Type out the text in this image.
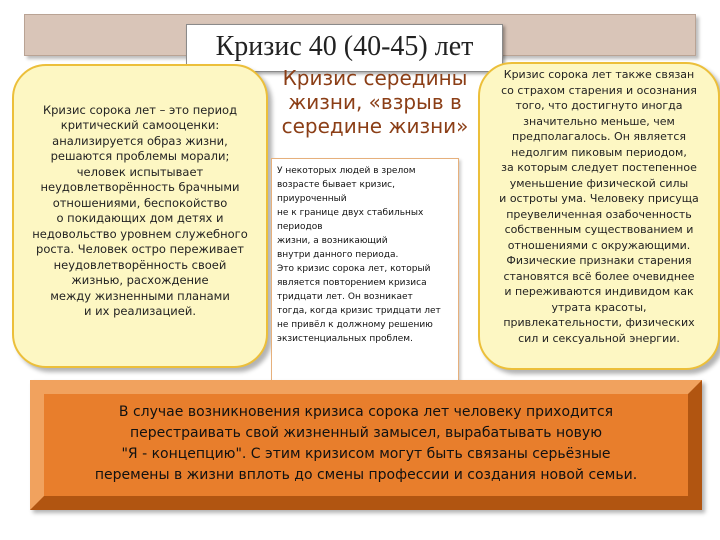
Кризис 40 (40-45) лет
Кризис сорока лет – это период
критический самооценки:
анализируется образ жизни,
решаются проблемы морали;
человек испытывает
неудовлетворённость брачными
отношениями, беспокойство
о покидающих дом детях и
недовольство уровнем служебного
роста. Человек остро переживает
неудовлетворённость своей
жизнью, расхождение
между жизненными планами
и их реализацией.
Кризис середины
жизни, «взрыв в
середине жизни»
У некоторых людей в зрелом
возрасте бывает кризис,
приуроченный
не к границе двух стабильных
периодов
жизни, а возникающий
внутри данного периода.
Это кризис сорока лет, который
является повторением кризиса
тридцати лет. Он возникает
тогда, когда кризис тридцати лет
не привёл к должному решению
экзистенциальных проблем.
Кризис сорока лет также связан
со страхом старения и осознания
того, что достигнуто иногда
значительно меньше, чем
предполагалось. Он является
недолгим пиковым периодом,
за которым следует постепенное
уменьшение физической силы
и остроты ума. Человеку присуща
преувеличенная озабоченность
собственным существованием и
отношениями с окружающими.
Физические признаки старения
становятся всё более очевиднее
и переживаются индивидом как
утрата красоты,
привлекательности, физических
сил и сексуальной энергии.
В случае возникновения кризиса сорока лет человеку приходится
перестраивать свой жизненный замысел, вырабатывать новую
"Я - концепцию". С этим кризисом могут быть связаны серьёзные
перемены в жизни вплоть до смены профессии и создания новой семьи.
